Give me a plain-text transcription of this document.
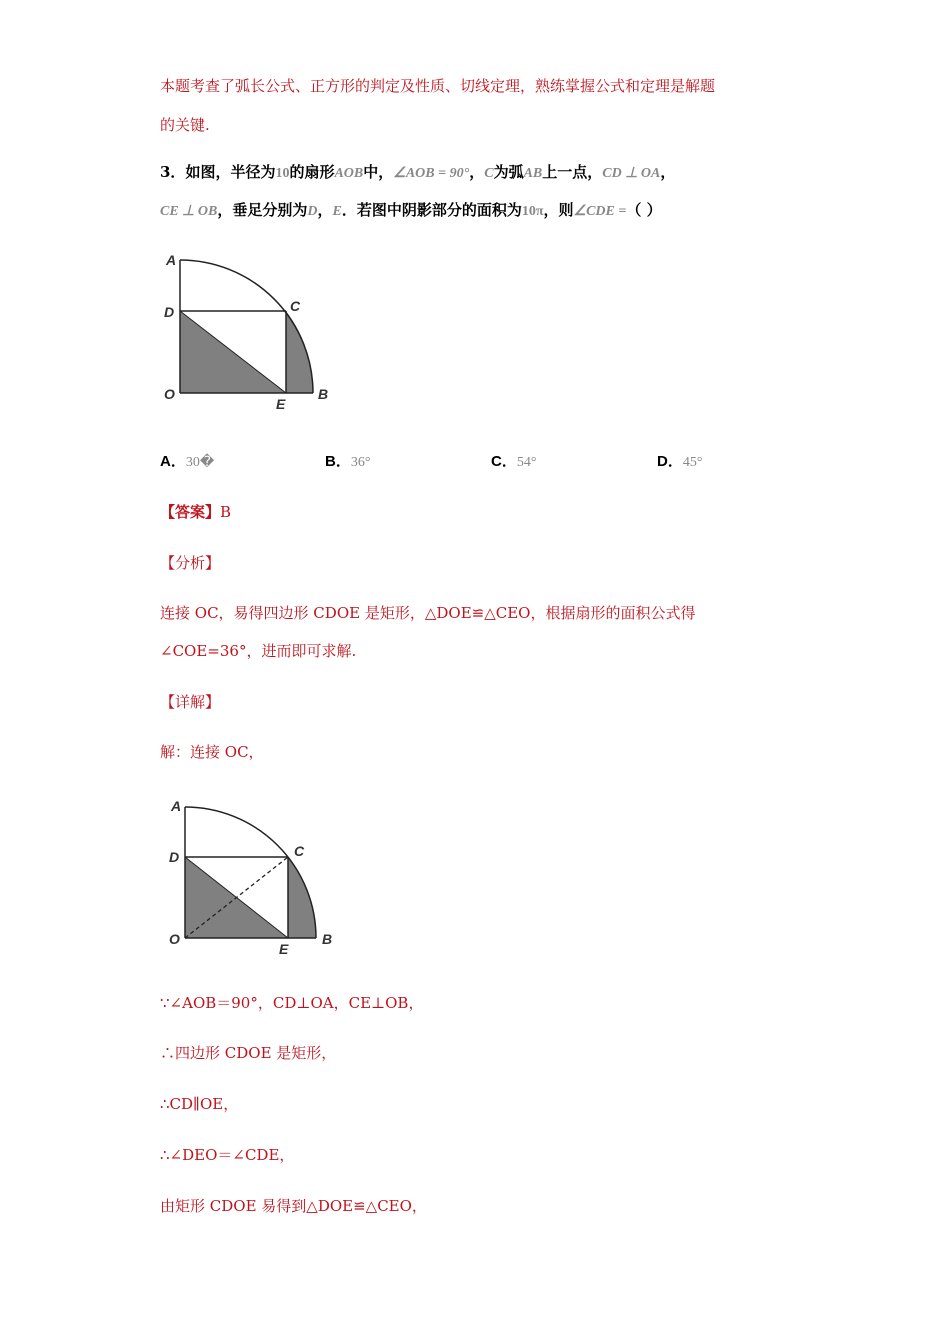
本题考查了弧长公式、正方形的判定及性质、切线定理，熟练掌握公式和定理是解题
的关键.
3．如图，半径为10的扇形AOB中，∠AOB = 90°，C为弧AB上一点，CD ⊥ OA，
CE ⊥ OB，垂足分别为D，E．若图中阴影部分的面积为10π，则∠CDE =（ ）
A
D	C
O
E
B
A．30�	B．36°	C．54°	D．45°
【答案】B
【分析】
连接 OC，易得四边形 CDOE 是矩形，△DOE≌△CEO，根据扇形的面积公式得
∠COE=36°，进而即可求解.
【详解】
解：连接 OC，
A
D	C
O
E
B
∵∠AOB＝90°，CD⊥OA，CE⊥OB，
∴四边形 CDOE 是矩形，
∴CD∥OE，
∴∠DEO＝∠CDE，
由矩形 CDOE 易得到△DOE≌△CEO，
